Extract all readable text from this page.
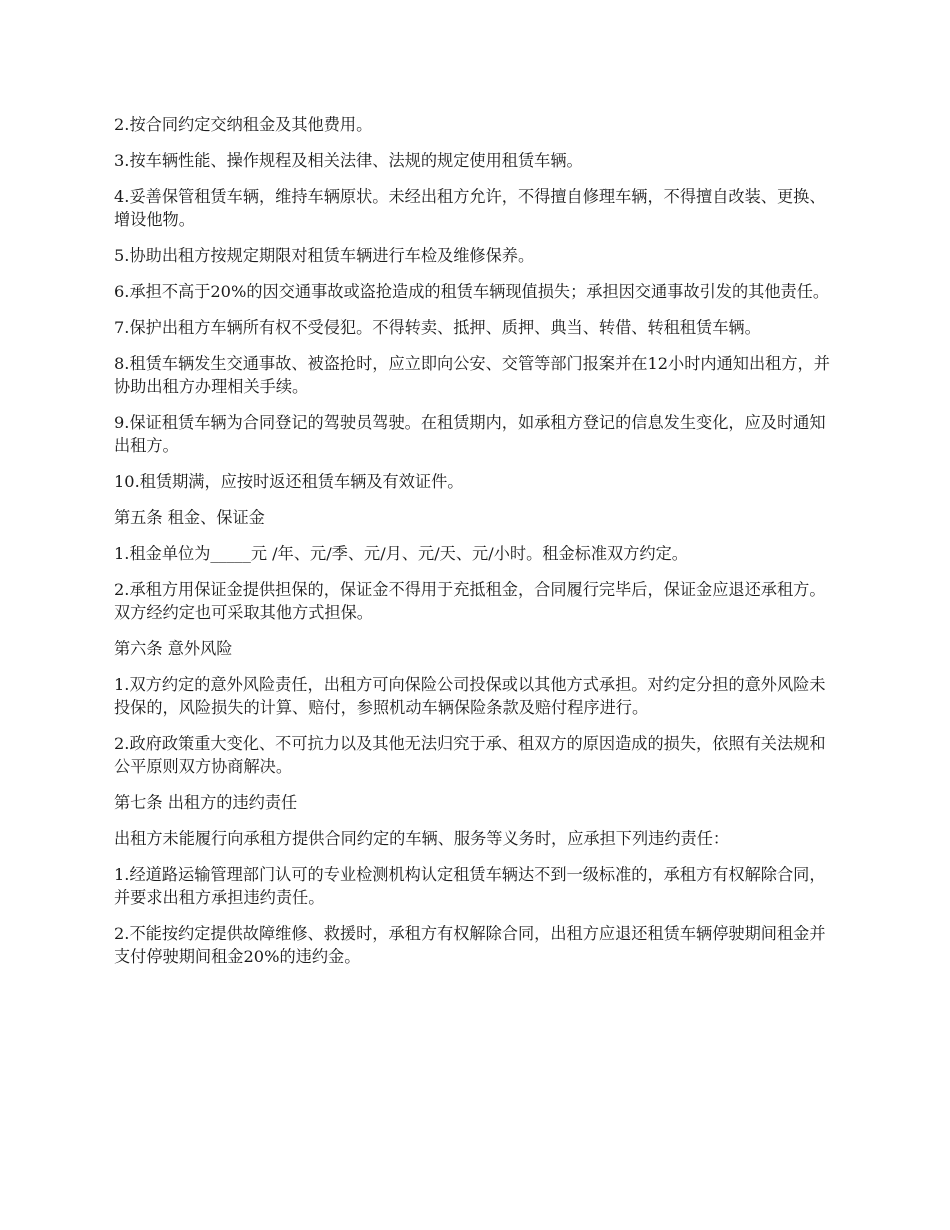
2.按合同约定交纳租金及其他费用。

3.按车辆性能、操作规程及相关法律、法规的规定使用租赁车辆。

4.妥善保管租赁车辆，维持车辆原状。未经出租方允许，不得擅自修理车辆，不得擅自改装、更换、增设他物。

5.协助出租方按规定期限对租赁车辆进行车检及维修保养。

6.承担不高于20%的因交通事故或盗抢造成的租赁车辆现值损失；承担因交通事故引发的其他责任。

7.保护出租方车辆所有权不受侵犯。不得转卖、抵押、质押、典当、转借、转租租赁车辆。

8.租赁车辆发生交通事故、被盗抢时，应立即向公安、交管等部门报案并在12小时内通知出租方，并协助出租方办理相关手续。

9.保证租赁车辆为合同登记的驾驶员驾驶。在租赁期内，如承租方登记的信息发生变化，应及时通知出租方。

10.租赁期满，应按时返还租赁车辆及有效证件。

第五条 租金、保证金

1.租金单位为_____元 /年、元/季、元/月、元/天、元/小时。租金标准双方约定。

2.承租方用保证金提供担保的，保证金不得用于充抵租金，合同履行完毕后，保证金应退还承租方。双方经约定也可采取其他方式担保。

第六条 意外风险

1.双方约定的意外风险责任，出租方可向保险公司投保或以其他方式承担。对约定分担的意外风险未投保的，风险损失的计算、赔付，参照机动车辆保险条款及赔付程序进行。

2.政府政策重大变化、不可抗力以及其他无法归究于承、租双方的原因造成的损失，依照有关法规和公平原则双方协商解决。

第七条 出租方的违约责任

出租方未能履行向承租方提供合同约定的车辆、服务等义务时，应承担下列违约责任：

1.经道路运输管理部门认可的专业检测机构认定租赁车辆达不到一级标准的，承租方有权解除合同，并要求出租方承担违约责任。

2.不能按约定提供故障维修、救援时，承租方有权解除合同，出租方应退还租赁车辆停驶期间租金并支付停驶期间租金20%的违约金。
